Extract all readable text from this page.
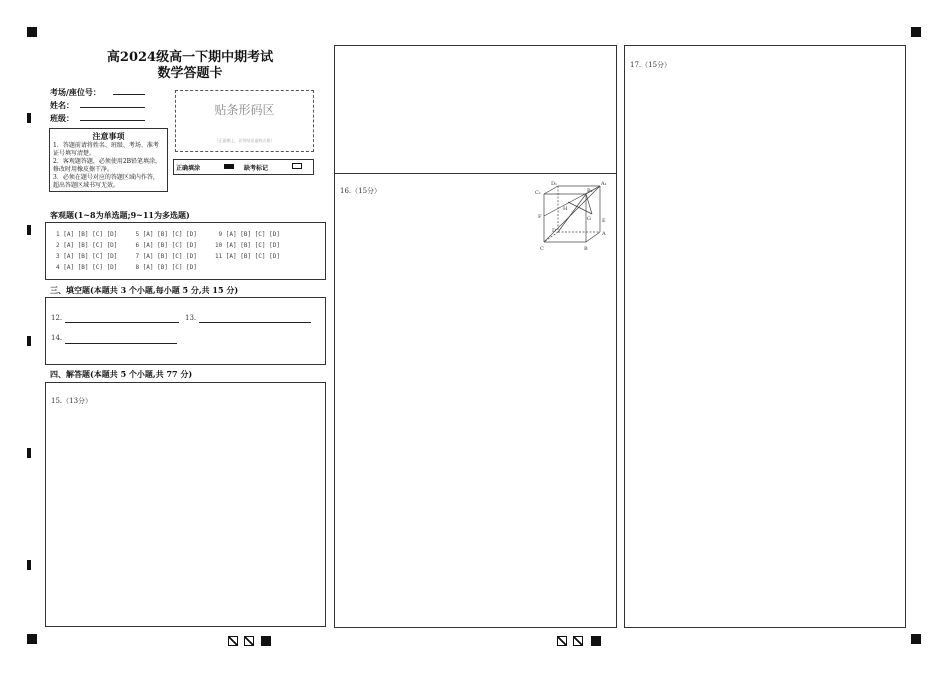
高2024级高一下期中期考试
数学答题卡
考场/座位号：
姓名：
班级：
贴条形码区
（正面朝上，切勿贴出虚线方框）
注意事项
1．答题前请将姓名、班级、考场、准考证号填写清楚。
2．客观题答题，必须使用2B铅笔填涂，修改时用橡皮擦干净。
3．必须在题号对应的答题区域内作答，超出答题区域书写无效。
正确填涂	缺考标记
客观题(1~8为单选题;9~11为多选题)
1 [A] [B] [C] [D]     5 [A] [B] [C] [D]      9 [A] [B] [C] [D]
2 [A] [B] [C] [D]     6 [A] [B] [C] [D]     10 [A] [B] [C] [D]
3 [A] [B] [C] [D]     7 [A] [B] [C] [D]     11 [A] [B] [C] [D]
4 [A] [B] [C] [D]     8 [A] [B] [C] [D]
三、填空题(本题共 3 个小题,每小题 5 分,共 15 分)
12.	13.
14.
四、解答题(本题共 5 个小题,共 77 分)
15.（13分）
16.（15分）
D₁	A₁
C₁	B₁
F
H
G E
D	A
C	B
17.（15分）
